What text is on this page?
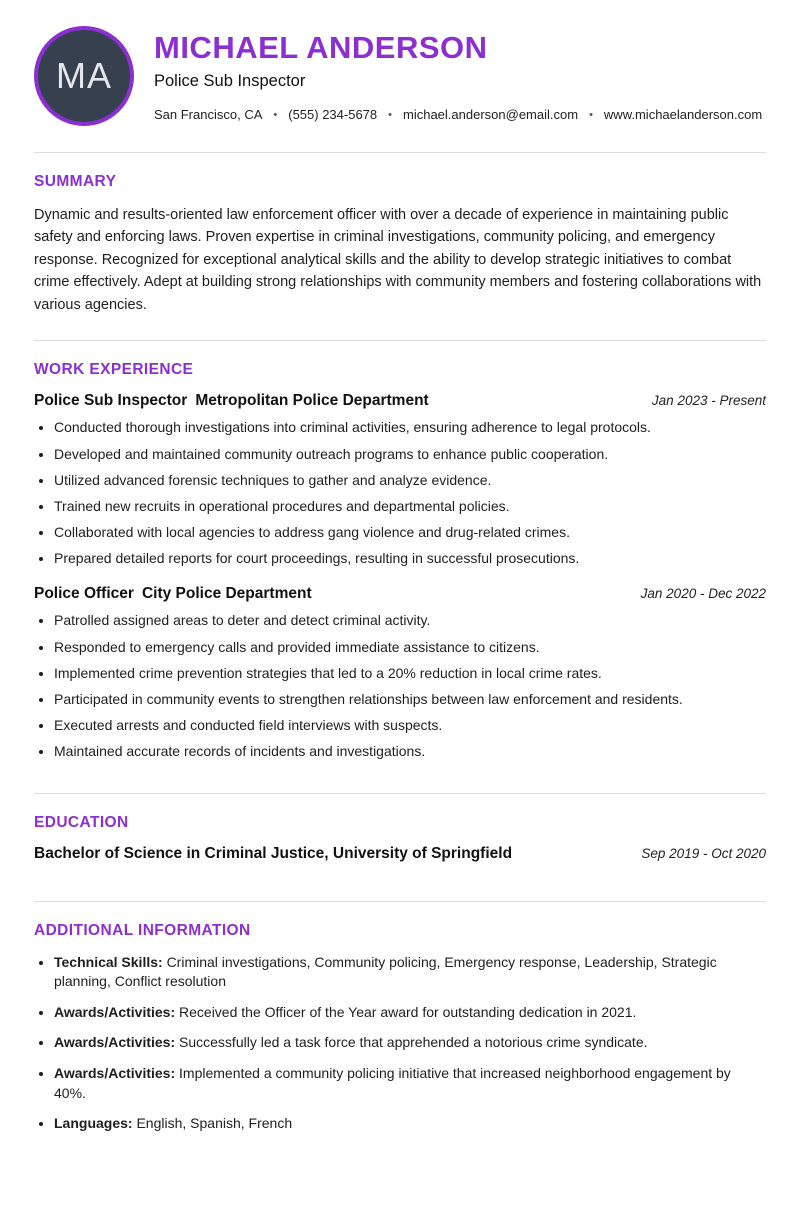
MA
MICHAEL ANDERSON
Police Sub Inspector
San Francisco, CA • (555) 234-5678 • michael.anderson@email.com • www.michaelanderson.com
SUMMARY

Dynamic and results-oriented law enforcement officer with over a decade of experience in maintaining public safety and enforcing laws. Proven expertise in criminal investigations, community policing, and emergency response. Recognized for exceptional analytical skills and the ability to develop strategic initiatives to combat crime effectively. Adept at building strong relationships with community members and fostering collaborations with various agencies.

WORK EXPERIENCE
Police Sub Inspector Metropolitan Police Department	Jan 2023 - Present
• Conducted thorough investigations into criminal activities, ensuring adherence to legal protocols.
• Developed and maintained community outreach programs to enhance public cooperation.
• Utilized advanced forensic techniques to gather and analyze evidence.
• Trained new recruits in operational procedures and departmental policies.
• Collaborated with local agencies to address gang violence and drug-related crimes.
• Prepared detailed reports for court proceedings, resulting in successful prosecutions.
Police Officer City Police Department	Jan 2020 - Dec 2022
• Patrolled assigned areas to deter and detect criminal activity.
• Responded to emergency calls and provided immediate assistance to citizens.
• Implemented crime prevention strategies that led to a 20% reduction in local crime rates.
• Participated in community events to strengthen relationships between law enforcement and residents.
• Executed arrests and conducted field interviews with suspects.
• Maintained accurate records of incidents and investigations.
EDUCATION
Bachelor of Science in Criminal Justice, University of Springfield	Sep 2019 - Oct 2020
ADDITIONAL INFORMATION
• Technical Skills: Criminal investigations, Community policing, Emergency response, Leadership, Strategic planning, Conflict resolution
• Awards/Activities: Received the Officer of the Year award for outstanding dedication in 2021.
• Awards/Activities: Successfully led a task force that apprehended a notorious crime syndicate.
• Awards/Activities: Implemented a community policing initiative that increased neighborhood engagement by 40%.
• Languages: English, Spanish, French
